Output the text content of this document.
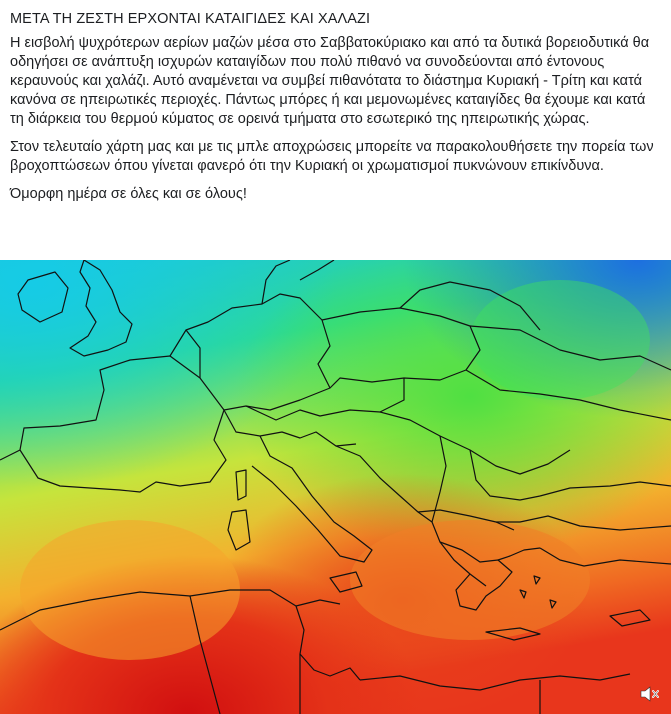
ΜΕΤΑ ΤΗ ΖΕΣΤΗ ΕΡΧΟΝΤΑΙ ΚΑΤΑΙΓΙΔΕΣ ΚΑΙ ΧΑΛΑΖΙ

Η εισβολή ψυχρότερων αερίων μαζών μέσα στο Σαββατοκύριακο και από τα δυτικά βορειοδυτικά θα οδηγήσει σε ανάπτυξη ισχυρών καταιγίδων που πολύ πιθανό να συνοδεύονται από έντονους κεραυνούς και χαλάζι. Αυτό αναμένεται να συμβεί πιθανότατα το διάστημα Κυριακή - Τρίτη και κατά κανόνα σε ηπειρωτικές περιοχές. Πάντως μπόρες ή και μεμονωμένες καταιγίδες θα έχουμε και κατά τη διάρκεια του θερμού κύματος σε ορεινά τμήματα στο εσωτερικό της ηπειρωτικής χώρας.

Στον τελευταίο χάρτη μας και με τις μπλε αποχρώσεις μπορείτε να παρακολουθήσετε την πορεία των βροχοπτώσεων όπου γίνεται φανερό ότι την Κυριακή οι χρωματισμοί πυκνώνουν επικίνδυνα.

Όμορφη ημέρα σε όλες και σε όλους!
